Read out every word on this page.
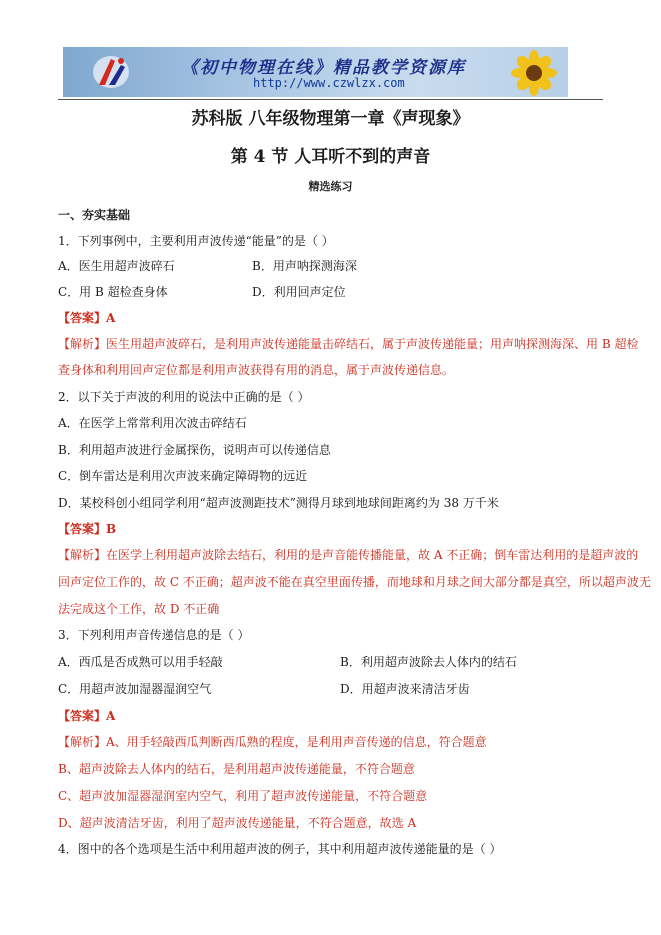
《初中物理在线》精品教学资源库
http://www.czwlzx.com
苏科版 八年级物理第一章《声现象》
第 4 节 人耳听不到的声音
精选练习
一、夯实基础
1．下列事例中，主要利用声波传递“能量”的是（ ）
A．医生用超声波碎石	B．用声呐探测海深
C．用 B 超检查身体	D．利用回声定位
【答案】A
【解析】医生用超声波碎石，是利用声波传递能量击碎结石，属于声波传递能量；用声呐探测海深、用 B 超检
查身体和利用回声定位都是利用声波获得有用的消息，属于声波传递信息。
2．以下关于声波的利用的说法中正确的是（ ）
A．在医学上常常利用次波击碎结石
B．利用超声波进行金属探伤，说明声可以传递信息
C．倒车雷达是利用次声波来确定障碍物的远近
D．某校科创小组同学利用“超声波测距技术”测得月球到地球间距离约为 38 万千米
【答案】B
【解析】在医学上利用超声波除去结石，利用的是声音能传播能量，故 A 不正确；倒车雷达利用的是超声波的
回声定位工作的，故 C 不正确；超声波不能在真空里面传播，而地球和月球之间大部分都是真空，所以超声波无
法完成这个工作，故 D 不正确
3．下列利用声音传递信息的是（ ）
A．西瓜是否成熟可以用手轻敲	B．利用超声波除去人体内的结石
C．用超声波加湿器湿润空气	D．用超声波来清洁牙齿
【答案】A
【解析】A、用手轻敲西瓜判断西瓜熟的程度，是利用声音传递的信息，符合题意
B、超声波除去人体内的结石，是利用超声波传递能量，不符合题意
C、超声波加湿器湿润室内空气，利用了超声波传递能量，不符合题意
D、超声波清洁牙齿，利用了超声波传递能量，不符合题意，故选 A
4．图中的各个选项是生活中利用超声波的例子，其中利用超声波传递能量的是（ ）
